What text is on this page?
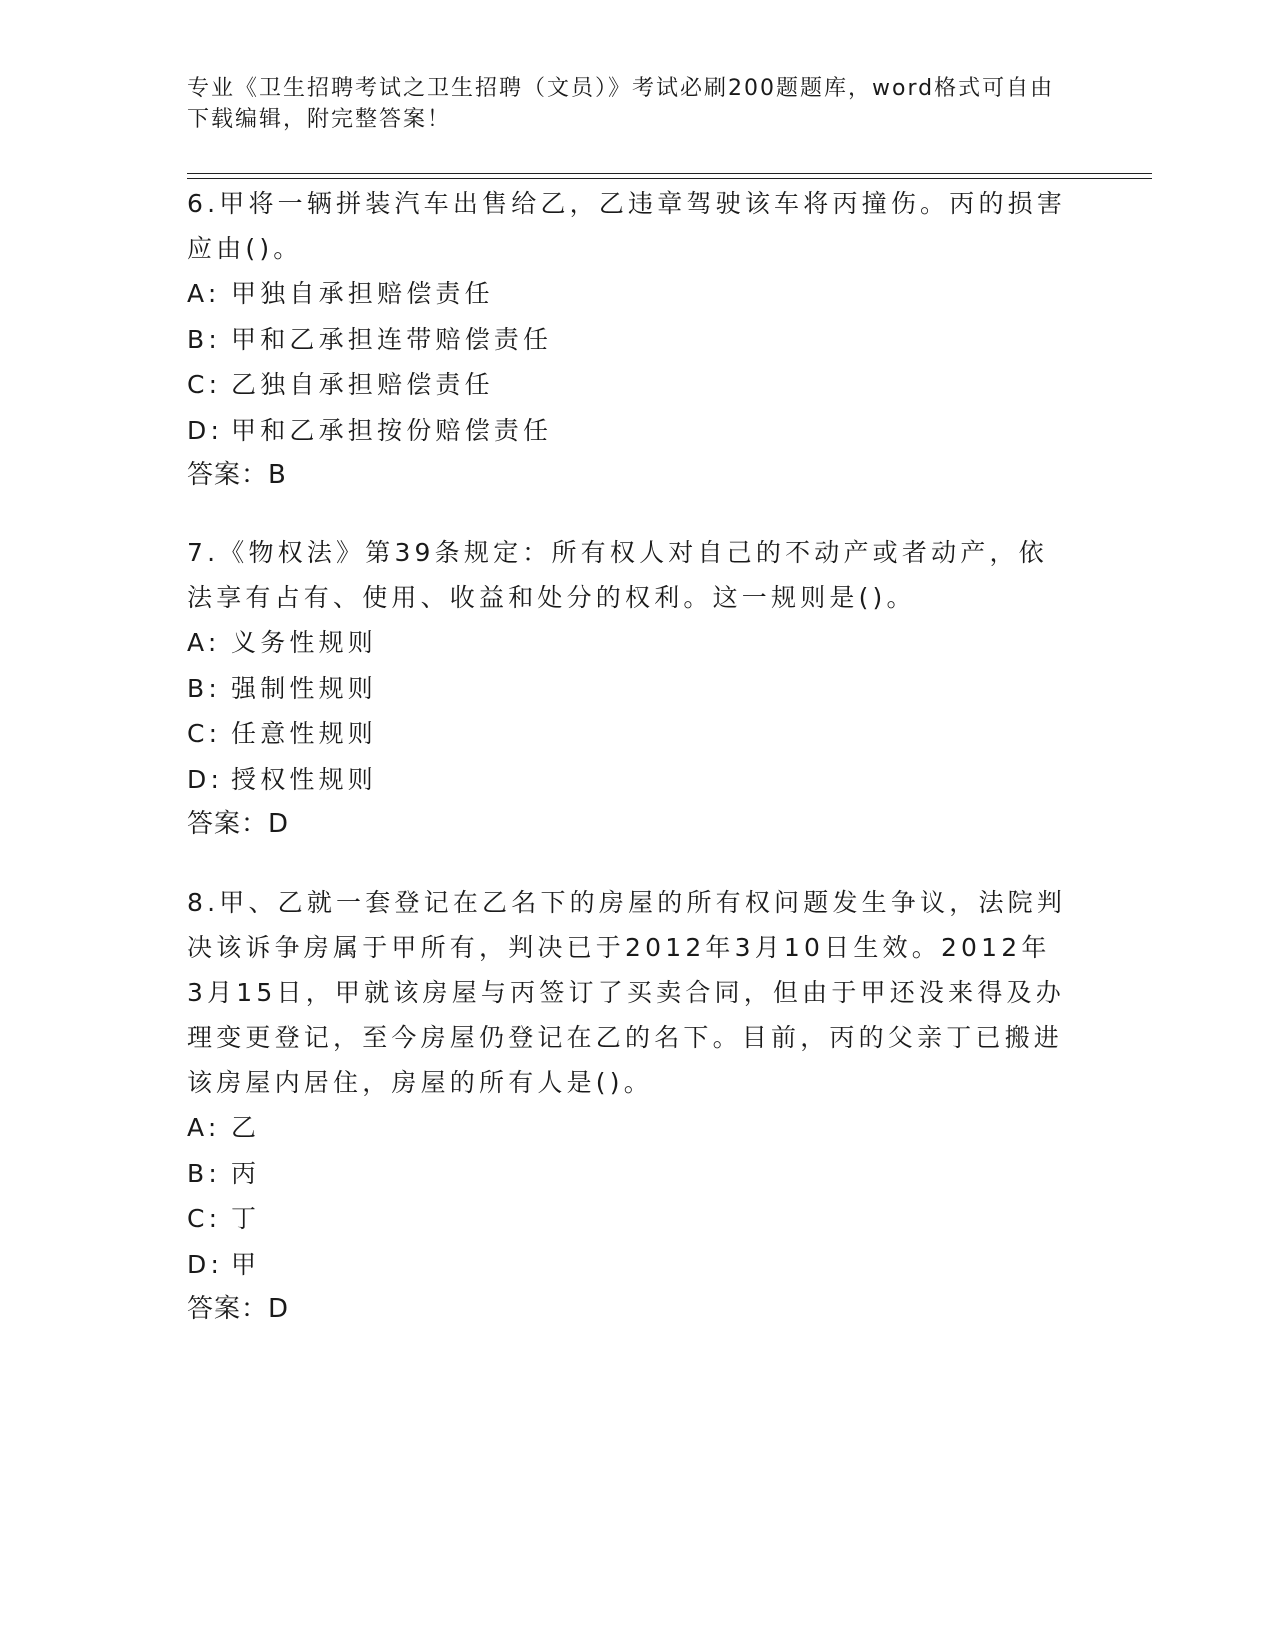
专业《卫生招聘考试之卫生招聘（文员）》考试必刷200题题库，word格式可自由下载编辑，附完整答案！

6.甲将一辆拼装汽车出售给乙，乙违章驾驶该车将丙撞伤。丙的损害应由()。

A: 甲独自承担赔偿责任

B: 甲和乙承担连带赔偿责任

C: 乙独自承担赔偿责任

D: 甲和乙承担按份赔偿责任

答案：B

7.《物权法》第39条规定：所有权人对自己的不动产或者动产，依法享有占有、使用、收益和处分的权利。这一规则是()。

A: 义务性规则

B: 强制性规则

C: 任意性规则

D: 授权性规则

答案：D

8.甲、乙就一套登记在乙名下的房屋的所有权问题发生争议，法院判决该诉争房属于甲所有，判决已于2012年3月10日生效。2012年3月15日，甲就该房屋与丙签订了买卖合同，但由于甲还没来得及办理变更登记，至今房屋仍登记在乙的名下。目前，丙的父亲丁已搬进该房屋内居住，房屋的所有人是()。

A: 乙

B: 丙

C: 丁

D: 甲

答案：D
